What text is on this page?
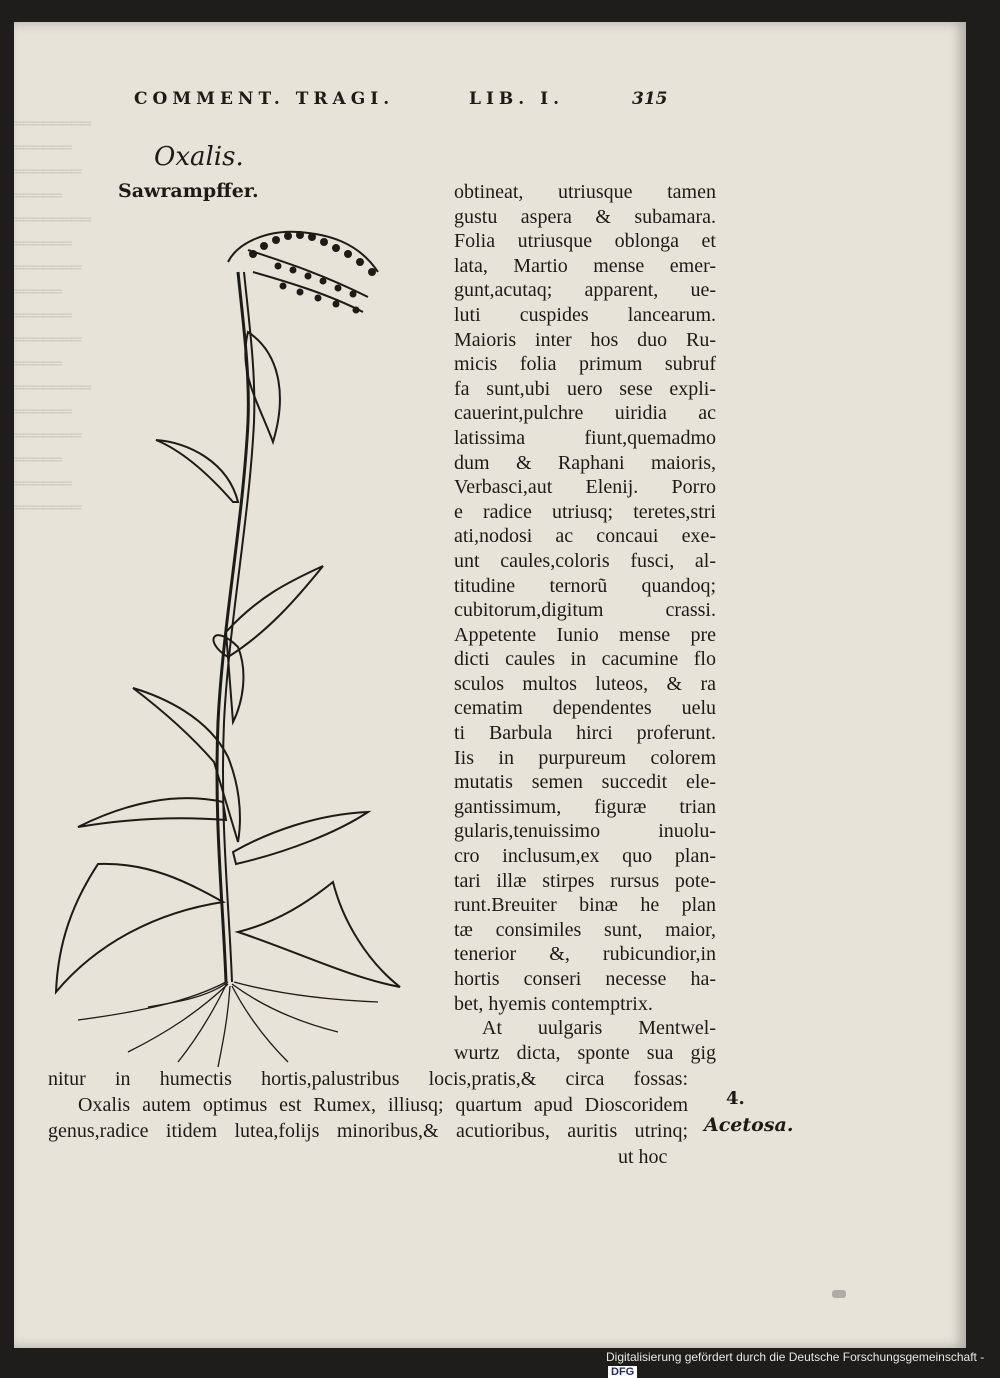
════════
══════
═══════
═════
════════
══════
═══════
═════
══════
═══════
═════
════════
══════
═══════
═════
══════
═══════
COMMENT. TRAGI.	LIB. I.	315
Oxalis.
Sawrampffer.	obtineat, utriusque tamen
gustu aspera & subamara.
Folia utriusque oblonga et
lata, Martio mense emer-
gunt,acutaq; apparent, ue-
luti cuspides lancearum.
Maioris inter hos duo Ru-
micis folia primum subruf
fa sunt,ubi uero sese expli-
cauerint,pulchre uiridia ac
latissima fiunt,quemadmo
dum & Raphani maioris,
Verbasci,aut Elenij. Porro
e radice utriusq; teretes,stri
ati,nodosi ac concaui exe-
unt caules,coloris fusci, al-
titudine ternorũ quandoq;
cubitorum,digitum crassi.
Appetente Iunio mense pre
dicti caules in cacumine flo
sculos multos luteos, & ra
cematim dependentes uelu
ti Barbula hirci proferunt.
Iis in purpureum colorem
mutatis semen succedit ele-
gantissimum, figuræ trian
gularis,tenuissimo inuolu-
cro inclusum,ex quo plan-
tari illæ stirpes rursus pote-
runt.Breuiter binæ he plan
tæ consimiles sunt, maior,
tenerior &, rubicundior,in
hortis conseri necesse ha-
bet, hyemis contemptrix.
At uulgaris Mentwel-
wurtz dicta, sponte sua gig
nitur in humectis hortis,palustribus locis,pratis,& circa fossas:
Oxalis autem optimus est Rumex, illiusq; quartum apud Dioscoridem
genus,radice itidem lutea,folijs minoribus,& acutioribus, auritis utrinq;
ut hoc
4.
Acetosa.
Digitalisierung gefördert durch die Deutsche Forschungsgemeinschaft - DFG
